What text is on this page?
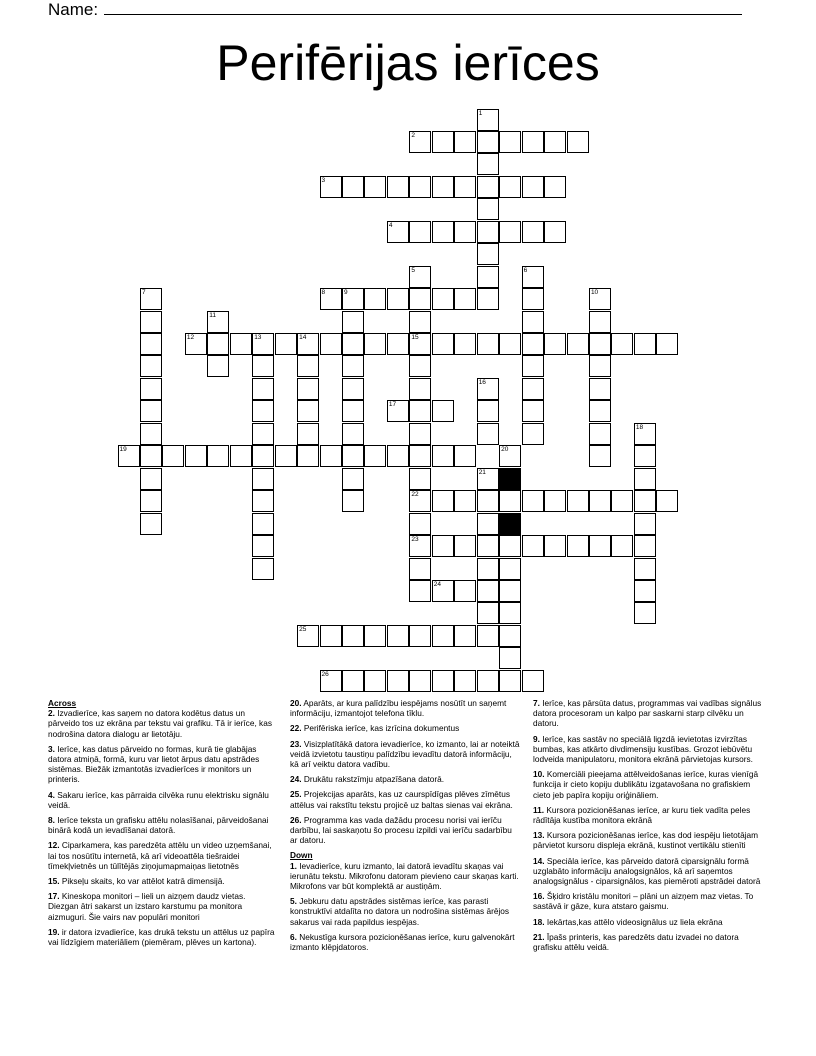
Name:
Perifērijas ierīces
1
2
3
4
5	6
7	8	9	10
11
12	13	14	15
16
17
18
19	20
21
22
23
24
25
26

Across

2. Izvadierīce, kas saņem no datora kodētus datus un pārveido tos uz ekrāna par tekstu vai grafiku. Tā ir ierīce, kas nodrošina datora dialogu ar lietotāju.

3. Ierīce, kas datus pārveido no formas, kurā tie glabājas datora atmiņā, formā, kuru var lietot ārpus datu apstrādes sistēmas. Biežāk izmantotās izvadierīces ir monitors un printeris.

4. Sakaru ierīce, kas pārraida cilvēka runu elektrisku signālu veidā.

8. Ierīce teksta un grafisku attēlu nolasīšanai, pārveidošanai binārā kodā un ievadīšanai datorā.

12. Ciparkamera, kas paredzēta attēlu un video uzņemšanai, lai tos nosūtītu internetā, kā arī videoattēla tiešraidei tīmekļvietnēs un tūlītējās ziņojumapmaiņas lietotnēs

15. Pikseļu skaits, ko var attēlot katrā dimensijā.

17. Kineskopa monitori – lieli un aizņem daudz vietas. Diezgan ātri sakarst un izstaro karstumu pa monitora aizmuguri. Šie vairs nav populāri monitori

19. ir datora izvadierīce, kas drukā tekstu un attēlus uz papīra vai līdzīgiem materiāliem (piemēram, plēves un kartona).

20. Aparāts, ar kura palīdzību iespējams nosūtīt un saņemt informāciju, izmantojot telefona tīklu.

22. Perifēriska ierīce, kas izrīcina dokumentus

23. Visizplatītākā datora ievadierīce, ko izmanto, lai ar noteiktā veidā izvietotu taustiņu palīdzību ievadītu datorā informāciju, kā arī veiktu datora vadību.

24. Drukātu rakstzīmju atpazīšana datorā.

25. Projekcijas aparāts, kas uz caurspīdīgas plēves zīmētus attēlus vai rakstītu tekstu projicē uz baltas sienas vai ekrāna.

26. Programma kas vada dažādu procesu norisi vai ierīču darbību, lai saskaņotu šo procesu izpildi vai ierīču sadarbību ar datoru.

Down

1. Ievadierīce, kuru izmanto, lai datorā ievadītu skaņas vai ierunātu tekstu. Mikrofonu datoram pievieno caur skaņas karti. Mikrofons var būt komplektā ar austiņām.

5. Jebkuru datu apstrādes sistēmas ierīce, kas parasti konstruktīvi atdalīta no datora un nodrošina sistēmas ārējos sakarus vai rada papildus iespējas.

6. Nekustīga kursora pozicionēšanas ierīce, kuru galvenokārt izmanto klēpjdatoros.

7. Ierīce, kas pārsūta datus, programmas vai vadības signālus datora procesoram un kalpo par saskarni starp cilvēku un datoru.

9. Ierīce, kas sastāv no speciālā ligzdā ievietotas izvirzītas bumbas, kas atkārto divdimensiju kustības. Grozot iebūvētu lodveida manipulatoru, monitora ekrānā pārvietojas kursors.

10. Komerciāli pieejama attēlveidošanas ierīce, kuras vienīgā funkcija ir cieto kopiju dublikātu izgatavošana no grafiskiem cieto jeb papīra kopiju oriģināliem.

11. Kursora pozicionēšanas ierīce, ar kuru tiek vadīta peles rādītāja kustība monitora ekrānā

13. Kursora pozicionēšanas ierīce, kas dod iespēju lietotājam pārvietot kursoru displeja ekrānā, kustinot vertikālu stienīti

14. Speciāla ierīce, kas pārveido datorā ciparsignālu formā uzglabāto informāciju analogsignālos, kā arī saņemtos analogsignālus - ciparsignālos, kas piemēroti apstrādei datorā

16. Šķidro kristālu monitori – plāni un aizņem maz vietas. To sastāvā ir gāze, kura atstaro gaismu.

18. Iekārtas,kas attēlo videosignālus uz liela ekrāna

21. Īpašs printeris, kas paredzēts datu izvadei no datora grafisku attēlu veidā.
